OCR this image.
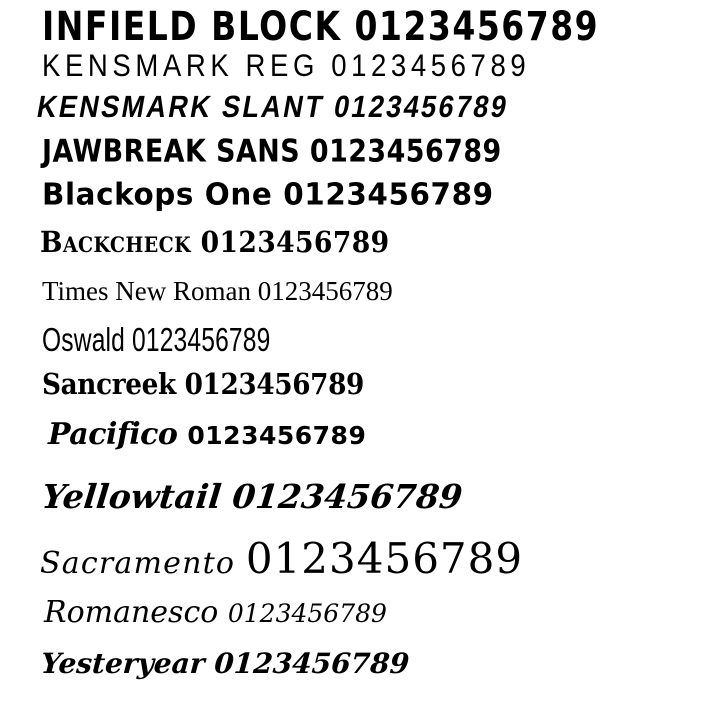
INFIELD BLOCK 0123456789
KENSMARK REG 0123456789
KENSMARK SLANT 0123456789
JAWBREAK SANS 0123456789
Blackops One 0123456789
Backcheck 0123456789
Times New Roman 0123456789
Oswald 0123456789
Sancreek 0123456789
Pacifico 0123456789
Yellowtail 0123456789
Sacramento 0123456789
Romanesco 0123456789
Yesteryear 0123456789
